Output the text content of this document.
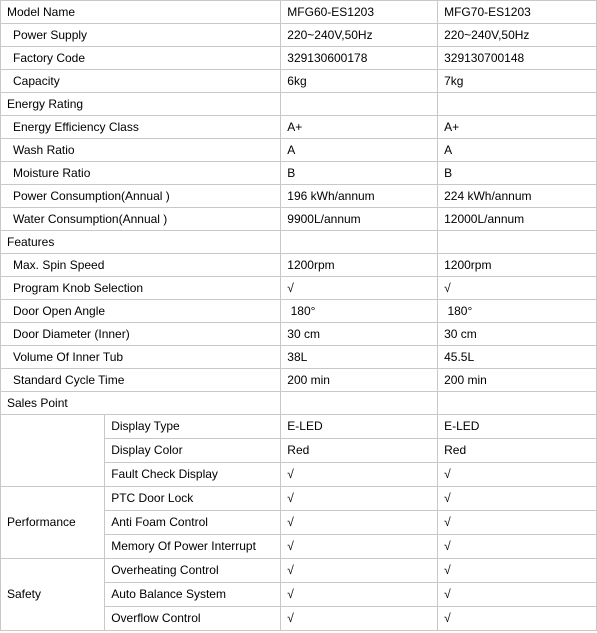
Model Name		MFG60-ES1203	MFG70-ES1203
Power Supply		220~240V,50Hz	220~240V,50Hz
Factory Code		329130600178	329130700148
Capacity		6kg	7kg
Energy Rating			
Energy Efficiency Class		A+	A+
Wash Ratio		A	A
Moisture Ratio		B	B
Power Consumption(Annual )		196 kWh/annum	224 kWh/annum
Water Consumption(Annual )		9900L/annum	12000L/annum
Features			
Max. Spin Speed		1200rpm	1200rpm
Program Knob Selection		√	√
Door Open Angle		180°	180°
Door Diameter (Inner)		30 cm	30 cm
Volume Of Inner Tub		38L	45.5L
Standard Cycle Time		200 min	200 min
Sales Point			
	Display Type	E-LED	E-LED
	Display Color	Red	Red
	Fault Check Display	√	√
Performance	PTC Door Lock	√	√
	Anti Foam Control	√	√
	Memory Of Power Interrupt	√	√
Safety	Overheating Control	√	√
	Auto Balance System	√	√
	Overflow Control	√	√
